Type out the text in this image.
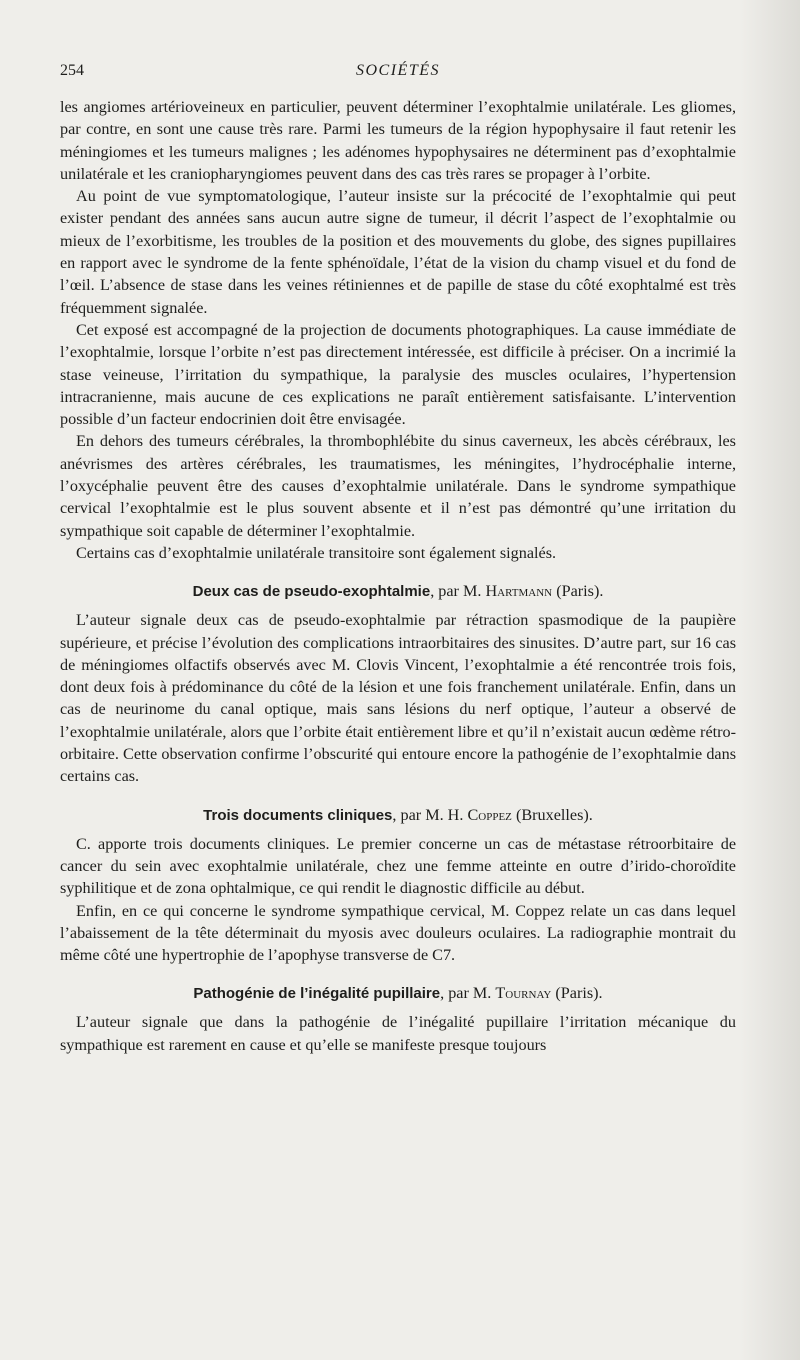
254	SOCIÉTÉS

les angiomes artérioveineux en particulier, peuvent déterminer l’exophtalmie unilatérale. Les gliomes, par contre, en sont une cause très rare. Parmi les tumeurs de la région hypophysaire il faut retenir les méningiomes et les tumeurs malignes ; les adénomes hypophysaires ne déterminent pas d’exophtalmie unilatérale et les craniopharyngiomes peuvent dans des cas très rares se propager à l’orbite.

Au point de vue symptomatologique, l’auteur insiste sur la précocité de l’exophtalmie qui peut exister pendant des années sans aucun autre signe de tumeur, il décrit l’aspect de l’exophtalmie ou mieux de l’exorbitisme, les troubles de la position et des mouvements du globe, des signes pupillaires en rapport avec le syndrome de la fente sphénoïdale, l’état de la vision du champ visuel et du fond de l’œil. L’absence de stase dans les veines rétiniennes et de papille de stase du côté exophtalmé est très fréquemment signalée.

Cet exposé est accompagné de la projection de documents photographiques. La cause immédiate de l’exophtalmie, lorsque l’orbite n’est pas directement intéressée, est difficile à préciser. On a incrimié la stase veineuse, l’irritation du sympathique, la paralysie des muscles oculaires, l’hypertension intracranienne, mais aucune de ces explications ne paraît entièrement satisfaisante. L’intervention possible d’un facteur endocrinien doit être envisagée.

En dehors des tumeurs cérébrales, la thrombophlébite du sinus caverneux, les abcès cérébraux, les anévrismes des artères cérébrales, les traumatismes, les méningites, l’hydrocéphalie interne, l’oxycéphalie peuvent être des causes d’exophtalmie unilatérale. Dans le syndrome sympathique cervical l’exophtalmie est le plus souvent absente et il n’est pas démontré qu’une irritation du sympathique soit capable de déterminer l’exophtalmie.

Certains cas d’exophtalmie unilatérale transitoire sont également signalés.

Deux cas de pseudo-exophtalmie, par M. Hartmann (Paris).

L’auteur signale deux cas de pseudo-exophtalmie par rétraction spasmodique de la paupière supérieure, et précise l’évolution des complications intraorbitaires des sinusites. D’autre part, sur 16 cas de méningiomes olfactifs observés avec M. Clovis Vincent, l’exophtalmie a été rencontrée trois fois, dont deux fois à prédominance du côté de la lésion et une fois franchement unilatérale. Enfin, dans un cas de neurinome du canal optique, mais sans lésions du nerf optique, l’auteur a observé de l’exophtalmie unilatérale, alors que l’orbite était entièrement libre et qu’il n’existait aucun œdème rétro-orbitaire. Cette observation confirme l’obscurité qui entoure encore la pathogénie de l’exophtalmie dans certains cas.

Trois documents cliniques, par M. H. Coppez (Bruxelles).

C. apporte trois documents cliniques. Le premier concerne un cas de métastase rétroorbitaire de cancer du sein avec exophtalmie unilatérale, chez une femme atteinte en outre d’irido-choroïdite syphilitique et de zona ophtalmique, ce qui rendit le diagnostic difficile au début.

Enfin, en ce qui concerne le syndrome sympathique cervical, M. Coppez relate un cas dans lequel l’abaissement de la tête déterminait du myosis avec douleurs oculaires. La radiographie montrait du même côté une hypertrophie de l’apophyse transverse de C7.

Pathogénie de l’inégalité pupillaire, par M. Tournay (Paris).

L’auteur signale que dans la pathogénie de l’inégalité pupillaire l’irritation mécanique du sympathique est rarement en cause et qu’elle se manifeste presque toujours
